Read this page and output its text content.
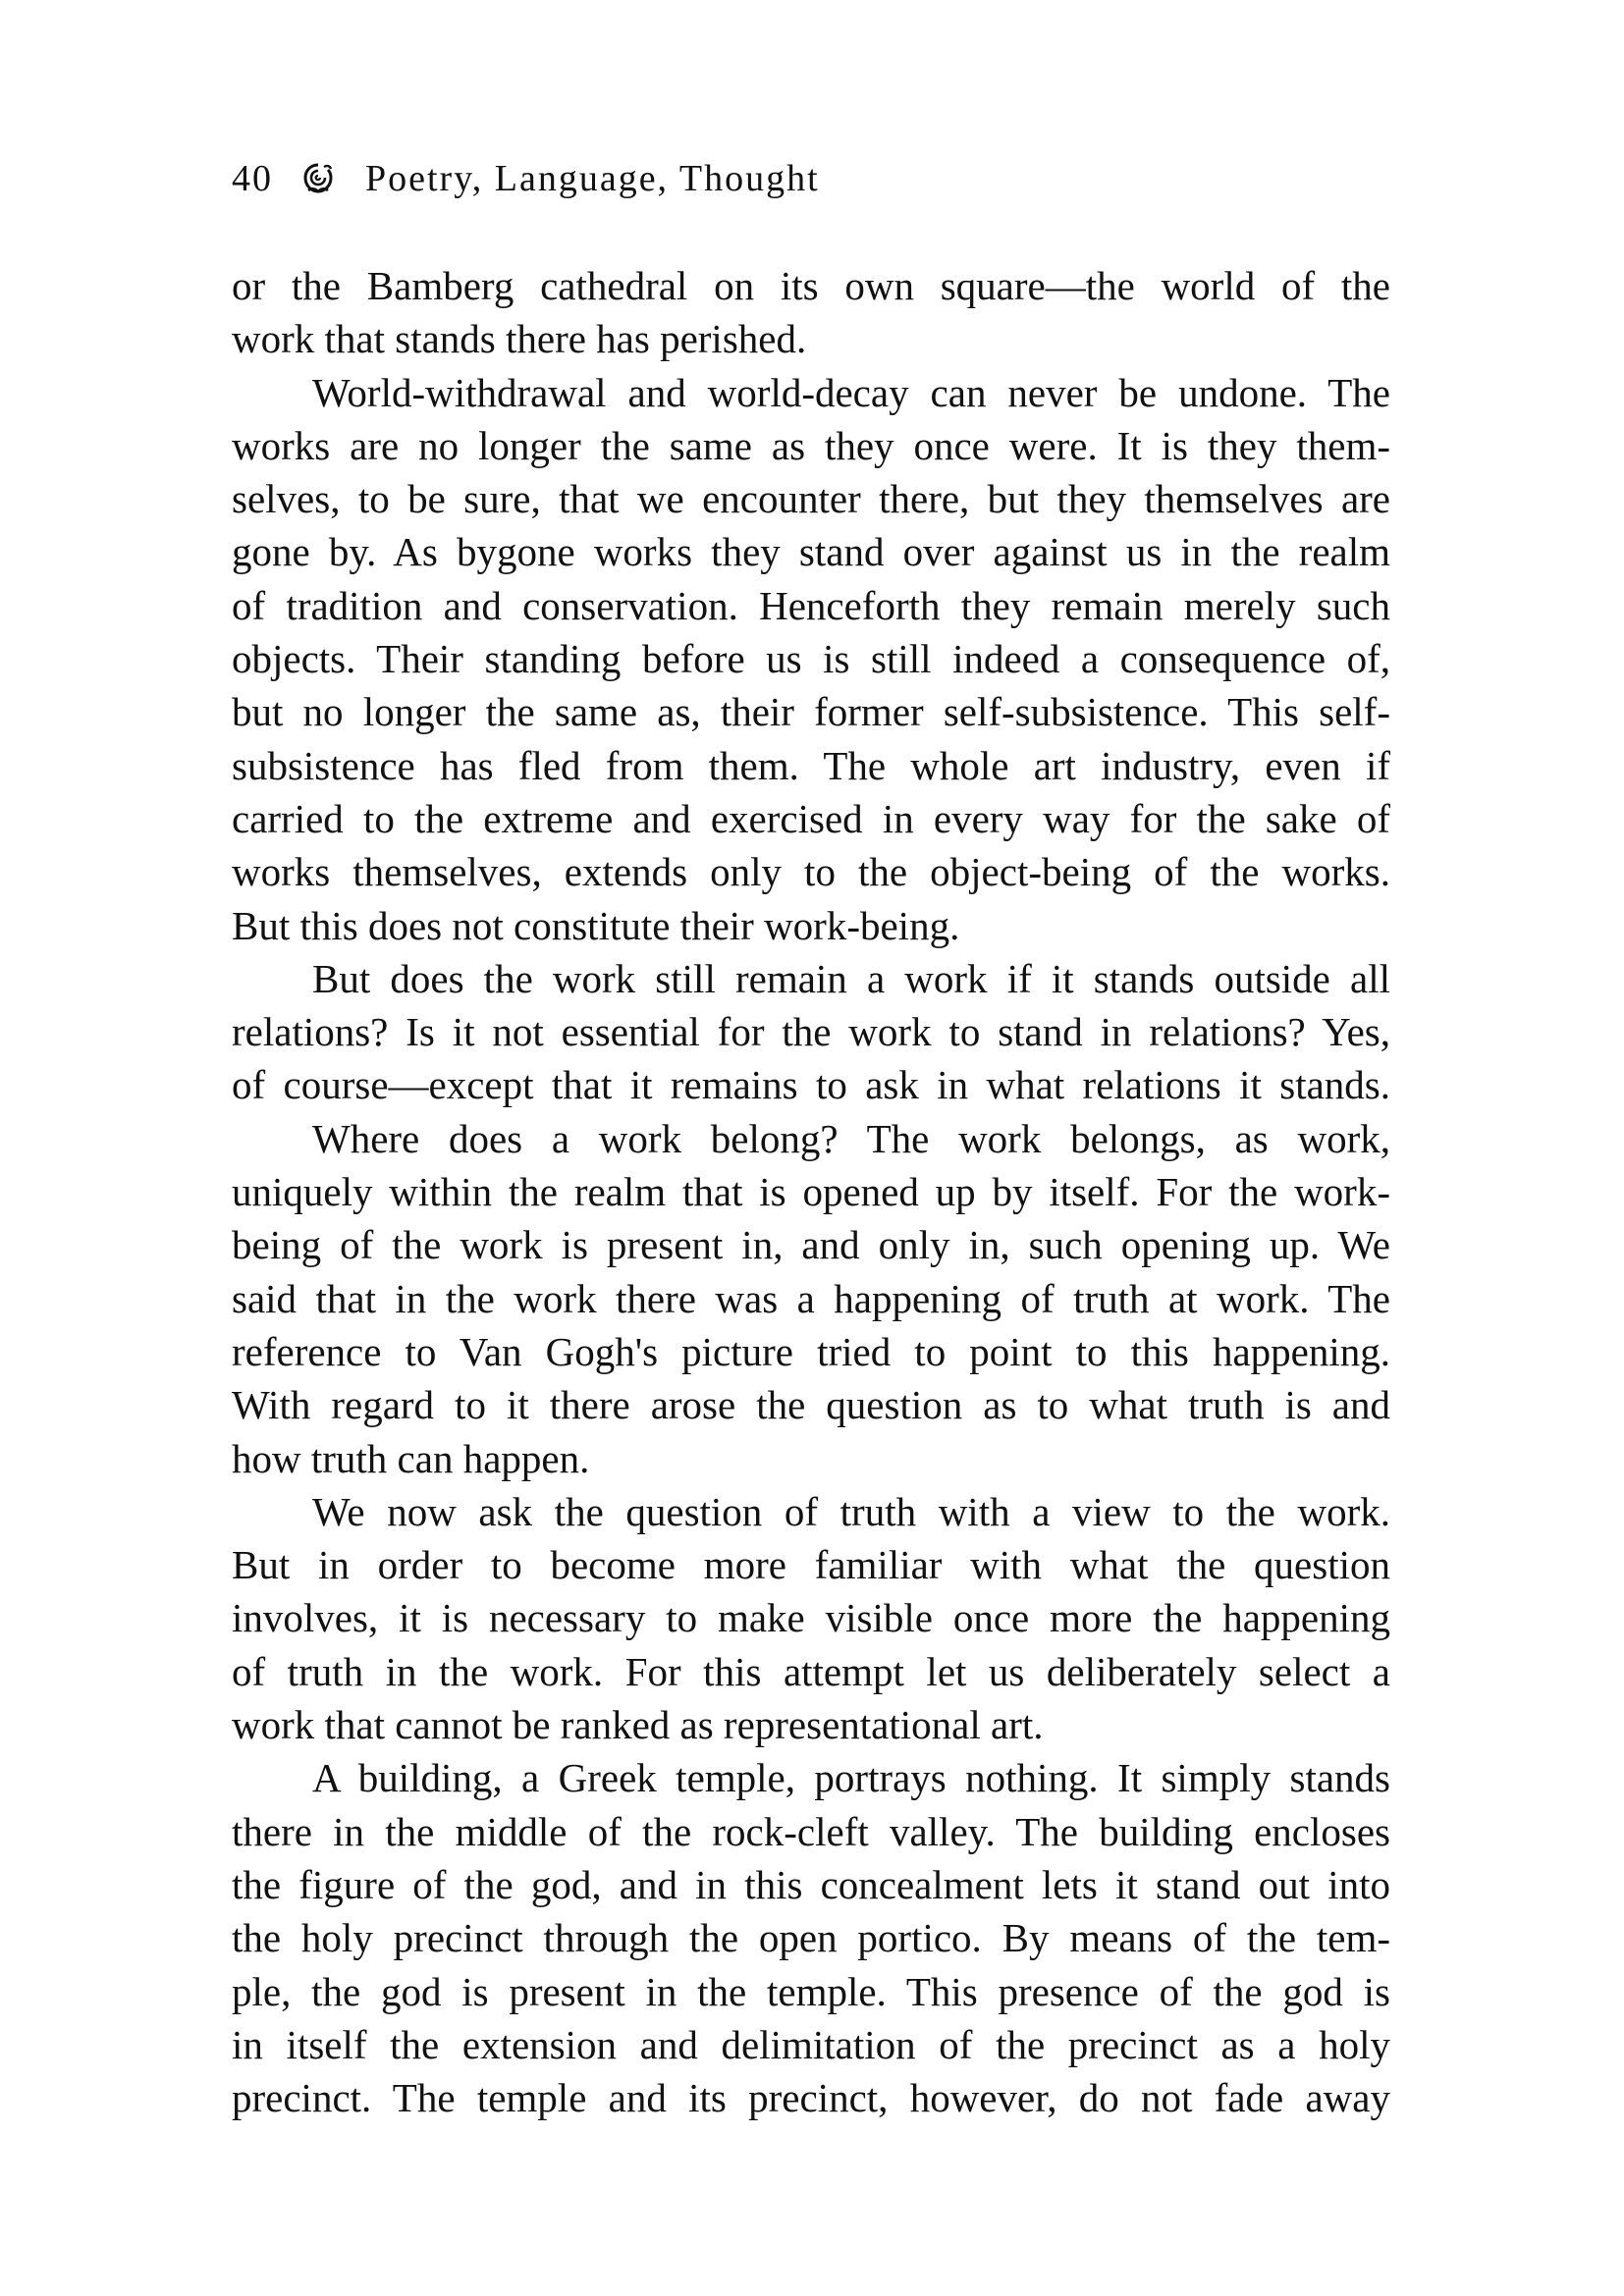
40 Poetry, Language, Thought
or the Bamberg cathedral on its own square—the world of the
work that stands there has perished.
World-withdrawal and world-decay can never be undone. The
works are no longer the same as they once were. It is they them-
selves, to be sure, that we encounter there, but they themselves are
gone by. As bygone works they stand over against us in the realm
of tradition and conservation. Henceforth they remain merely such
objects. Their standing before us is still indeed a consequence of,
but no longer the same as, their former self-subsistence. This self-
subsistence has fled from them. The whole art industry, even if
carried to the extreme and exercised in every way for the sake of
works themselves, extends only to the object-being of the works.
But this does not constitute their work-being.
But does the work still remain a work if it stands outside all
relations? Is it not essential for the work to stand in relations? Yes,
of course—except that it remains to ask in what relations it stands.
Where does a work belong? The work belongs, as work,
uniquely within the realm that is opened up by itself. For the work-
being of the work is present in, and only in, such opening up. We
said that in the work there was a happening of truth at work. The
reference to Van Gogh's picture tried to point to this happening.
With regard to it there arose the question as to what truth is and
how truth can happen.
We now ask the question of truth with a view to the work.
But in order to become more familiar with what the question
involves, it is necessary to make visible once more the happening
of truth in the work. For this attempt let us deliberately select a
work that cannot be ranked as representational art.
A building, a Greek temple, portrays nothing. It simply stands
there in the middle of the rock-cleft valley. The building encloses
the figure of the god, and in this concealment lets it stand out into
the holy precinct through the open portico. By means of the tem-
ple, the god is present in the temple. This presence of the god is
in itself the extension and delimitation of the precinct as a holy
precinct. The temple and its precinct, however, do not fade away
